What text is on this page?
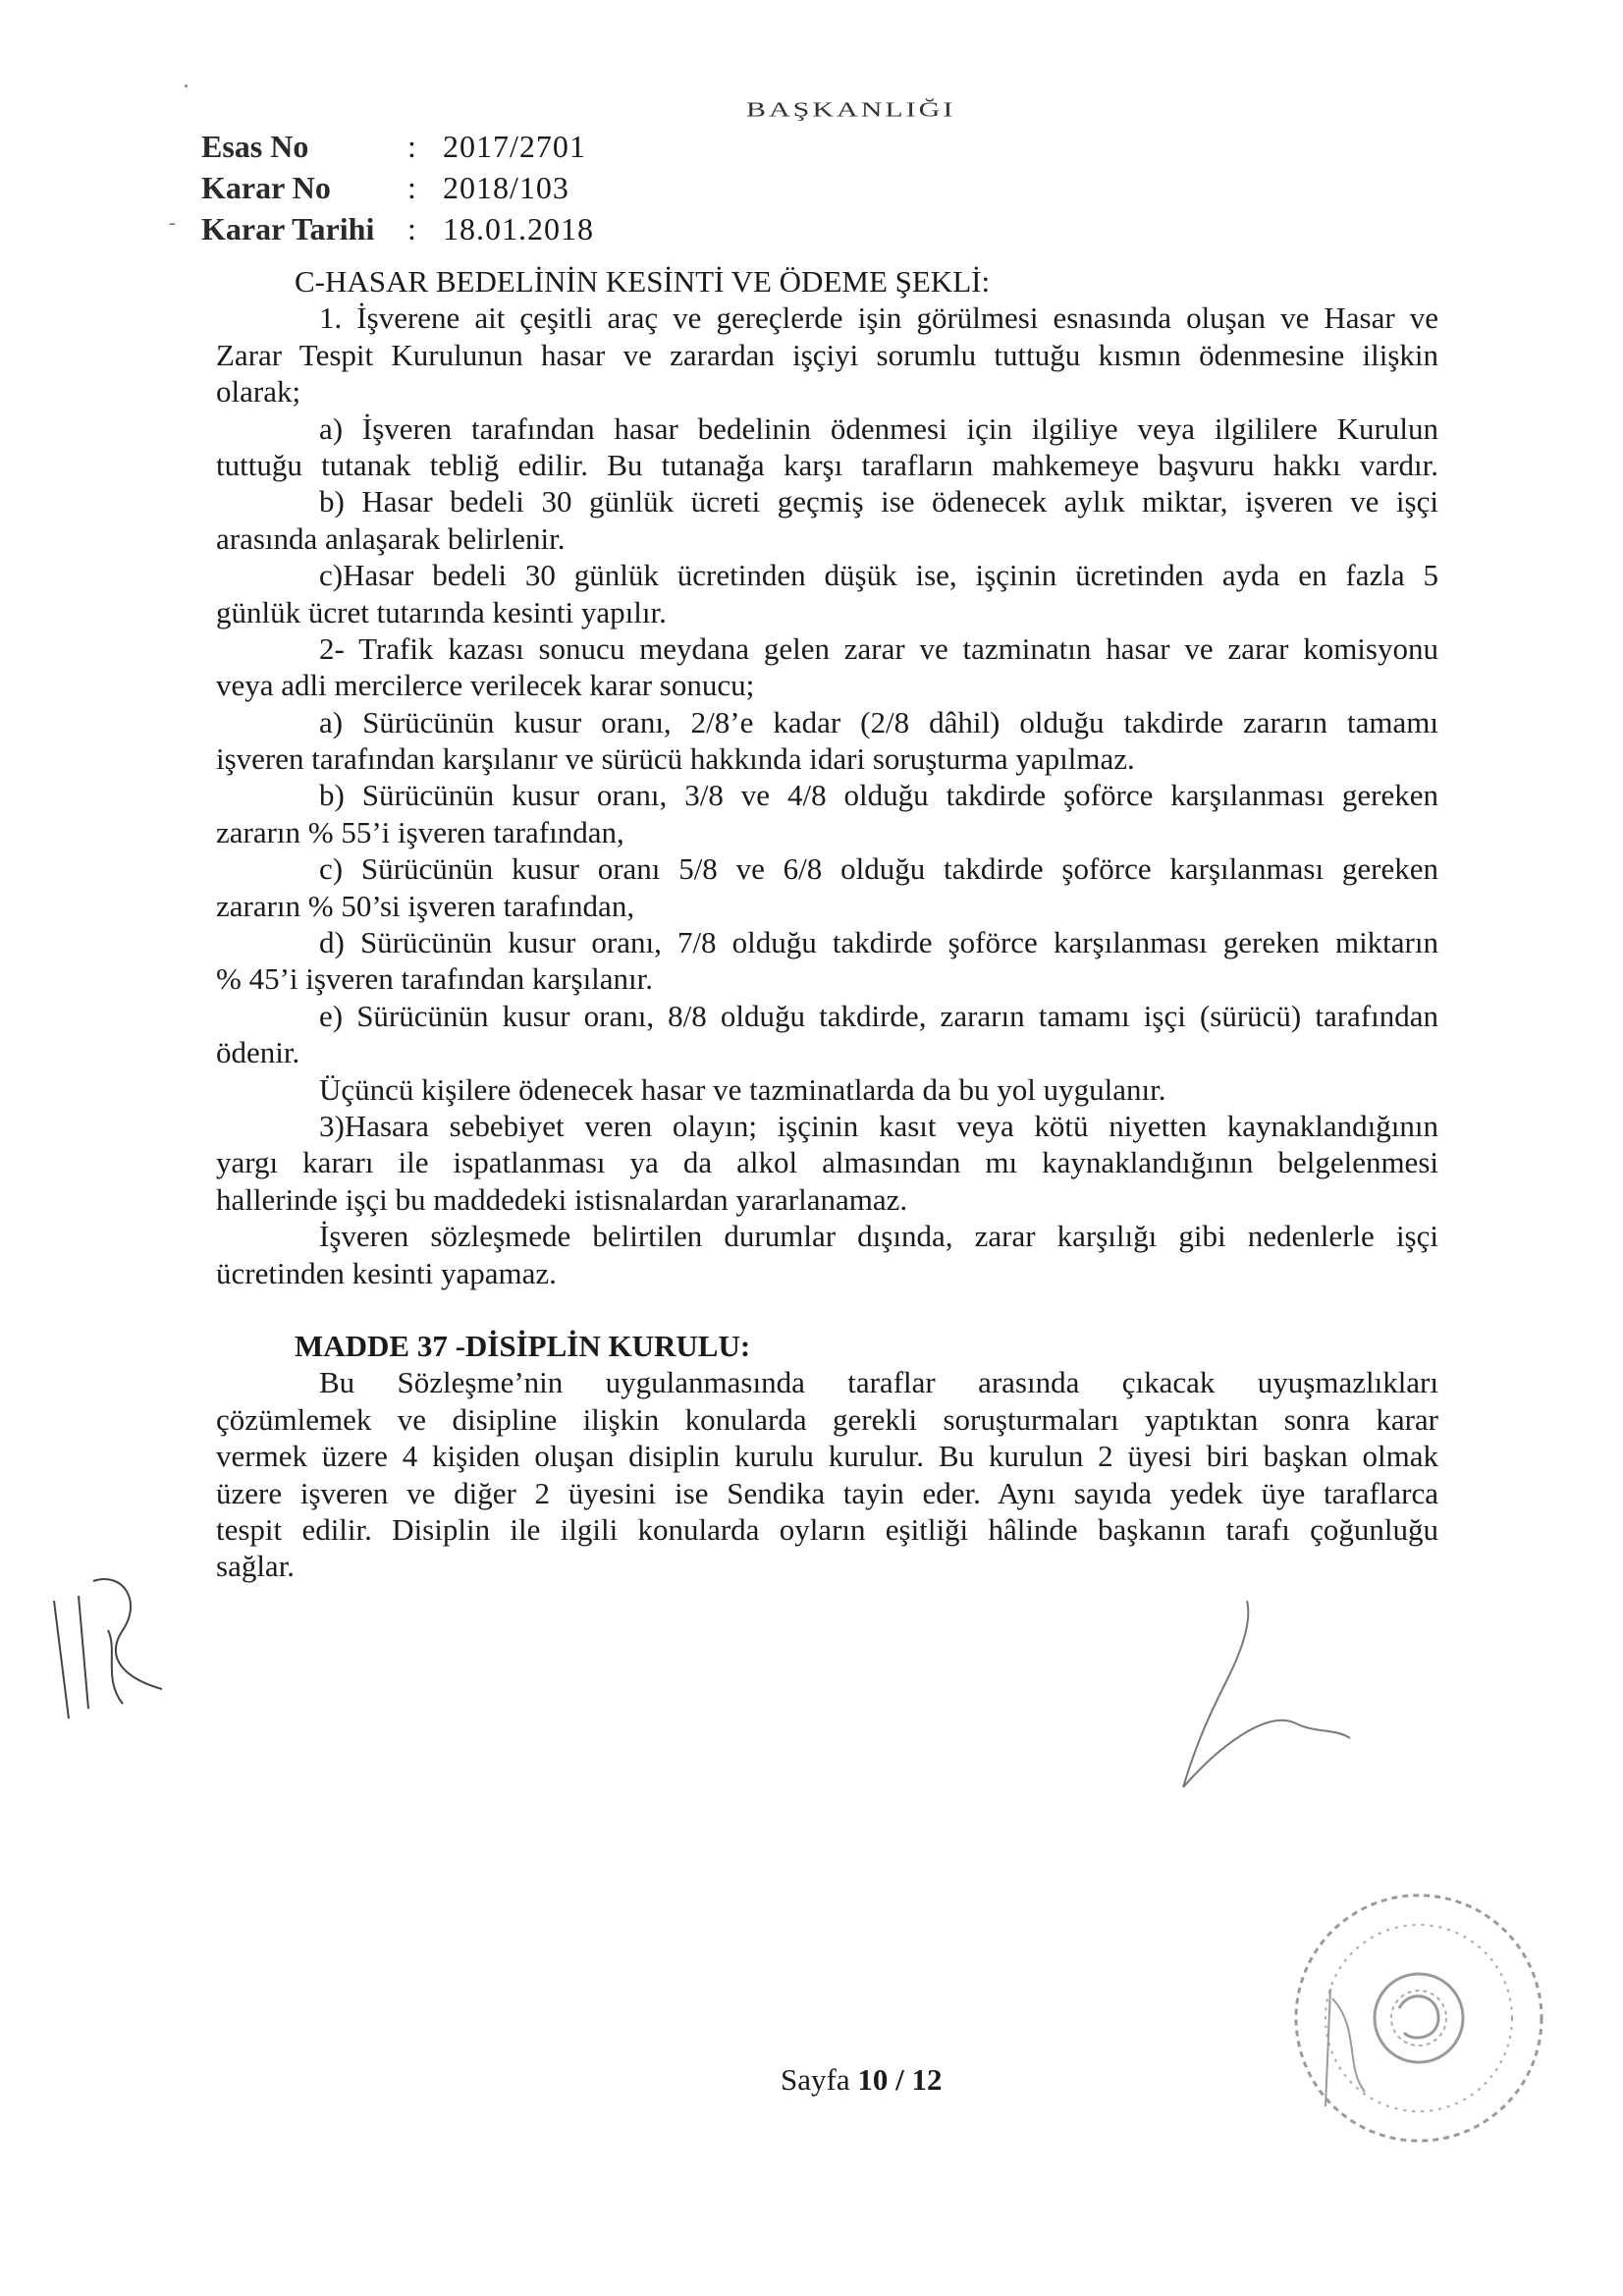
-
BAŞKANLIĞI
Esas No	: 2017/2701
Karar No	: 2018/103
Karar Tarihi	: 18.01.2018
C-HASAR BEDELİNİN KESİNTİ VE ÖDEME ŞEKLİ:
1. İşverene ait çeşitli araç ve gereçlerde işin görülmesi esnasında oluşan ve Hasar ve
Zarar Tespit Kurulunun hasar ve zarardan işçiyi sorumlu tuttuğu kısmın ödenmesine ilişkin
olarak;
a) İşveren tarafından hasar bedelinin ödenmesi için ilgiliye veya ilgililere Kurulun
tuttuğu tutanak tebliğ edilir. Bu tutanağa karşı tarafların mahkemeye başvuru hakkı vardır.
b) Hasar bedeli 30 günlük ücreti geçmiş ise ödenecek aylık miktar, işveren ve işçi
arasında anlaşarak belirlenir.
c)Hasar bedeli 30 günlük ücretinden düşük ise, işçinin ücretinden ayda en fazla 5
günlük ücret tutarında kesinti yapılır.
2- Trafik kazası sonucu meydana gelen zarar ve tazminatın hasar ve zarar komisyonu
veya adli mercilerce verilecek karar sonucu;
a) Sürücünün kusur oranı, 2/8’e kadar (2/8 dâhil) olduğu takdirde zararın tamamı
işveren tarafından karşılanır ve sürücü hakkında idari soruşturma yapılmaz.
b) Sürücünün kusur oranı, 3/8 ve 4/8 olduğu takdirde şoförce karşılanması gereken
zararın % 55’i işveren tarafından,
c) Sürücünün kusur oranı 5/8 ve 6/8 olduğu takdirde şoförce karşılanması gereken
zararın % 50’si işveren tarafından,
d) Sürücünün kusur oranı, 7/8 olduğu takdirde şoförce karşılanması gereken miktarın
% 45’i işveren tarafından karşılanır.
e) Sürücünün kusur oranı, 8/8 olduğu takdirde, zararın tamamı işçi (sürücü) tarafından
ödenir.
Üçüncü kişilere ödenecek hasar ve tazminatlarda da bu yol uygulanır.
3)Hasara sebebiyet veren olayın; işçinin kasıt veya kötü niyetten kaynaklandığının
yargı kararı ile ispatlanması ya da alkol almasından mı kaynaklandığının belgelenmesi
hallerinde işçi bu maddedeki istisnalardan yararlanamaz.
İşveren sözleşmede belirtilen durumlar dışında, zarar karşılığı gibi nedenlerle işçi
ücretinden kesinti yapamaz.
MADDE 37 -DİSİPLİN KURULU:
Bu Sözleşme’nin uygulanmasında taraflar arasında çıkacak uyuşmazlıkları
çözümlemek ve disipline ilişkin konularda gerekli soruşturmaları yaptıktan sonra karar
vermek üzere 4 kişiden oluşan disiplin kurulu kurulur. Bu kurulun 2 üyesi biri başkan olmak
üzere işveren ve diğer 2 üyesini ise Sendika tayin eder. Aynı sayıda yedek üye taraflarca
tespit edilir. Disiplin ile ilgili konularda oyların eşitliği hâlinde başkanın tarafı çoğunluğu
sağlar.
Sayfa 10 / 12
